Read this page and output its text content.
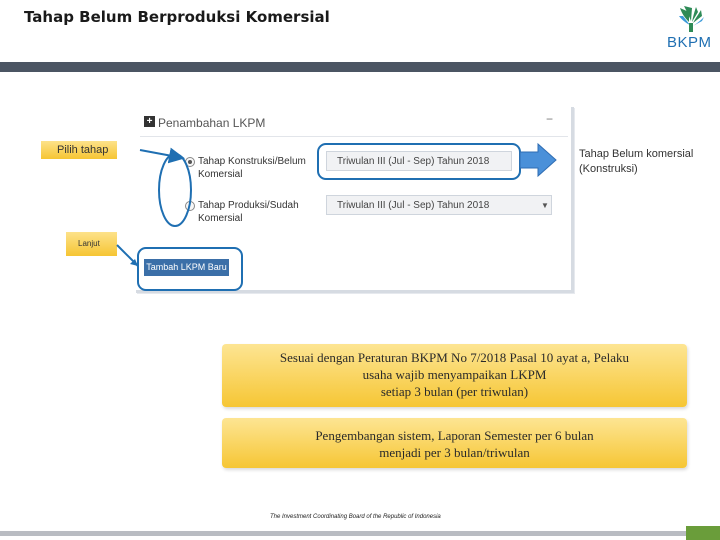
Tahap Belum Berproduksi Komersial
BKPM
+ Penambahan LKPM	−
Tahap Konstruksi/Belum
Komersial
Triwulan III (Jul - Sep) Tahun 2018
Tahap Produksi/Sudah
Komersial
Triwulan III (Jul - Sep) Tahun 2018	▼
Tambah LKPM Baru
Pilih tahap
Lanjut
Tahap Belum komersial
(Konstruksi)
Sesuai dengan Peraturan BKPM No 7/2018 Pasal 10 ayat a, Pelaku
usaha wajib menyampaikan LKPM
setiap 3 bulan (per triwulan)
Pengembangan sistem, Laporan Semester per 6 bulan
menjadi per 3 bulan/triwulan
The Investment Coordinating Board of the Republic of Indonesia
